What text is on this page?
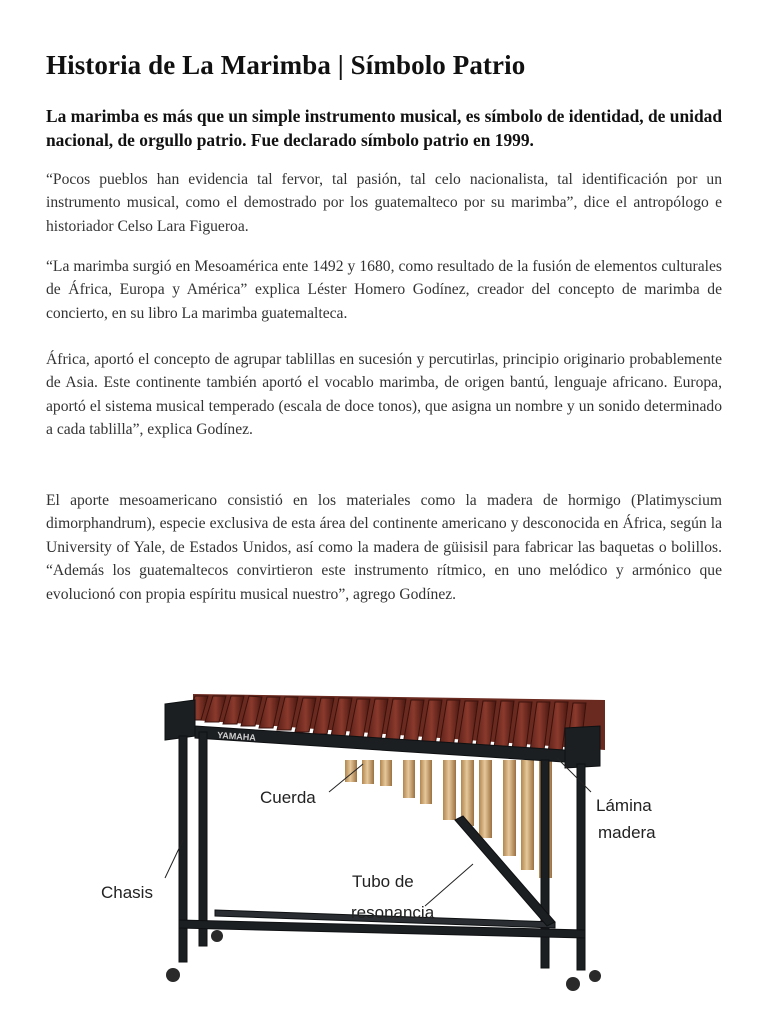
Historia de La Marimba | Símbolo Patrio

La marimba es más que un simple instrumento musical, es símbolo de identidad, de unidad nacional, de orgullo patrio. Fue declarado símbolo patrio en 1999.

“Pocos pueblos han evidencia tal fervor, tal pasión, tal celo nacionalista, tal identificación por un instrumento musical, como el demostrado por los guatemalteco por su marimba”, dice el antropólogo e historiador Celso Lara Figueroa.

“La marimba surgió en Mesoamérica ente 1492 y 1680, como resultado de la fusión de elementos culturales de África, Europa y América” explica Léster Homero Godínez, creador del concepto de marimba de concierto, en su libro La marimba guatemalteca.

África, aportó el concepto de agrupar tablillas en sucesión y percutirlas, principio originario probablemente de Asia. Este continente también aportó el vocablo marimba, de origen bantú, lenguaje africano. Europa, aportó el sistema musical temperado (escala de doce tonos), que asigna un nombre y un sonido determinado a cada tablilla”, explica Godínez.

El aporte mesoamericano consistió en los materiales como la madera de hormigo (Platimyscium dimorphandrum), especie exclusiva de esta área del continente americano y desconocida en África, según la University of Yale, de Estados Unidos, así como la madera de güisisil para fabricar las baquetas o bolillos. “Además los guatemaltecos convirtieron este instrumento rítmico, en uno melódico y armónico que evolucionó con propia espíritu musical nuestro”, agrego Godínez.

YAMAHA
Cuerda	Lámina
madera
Chasis
Tubo de
resonancia
